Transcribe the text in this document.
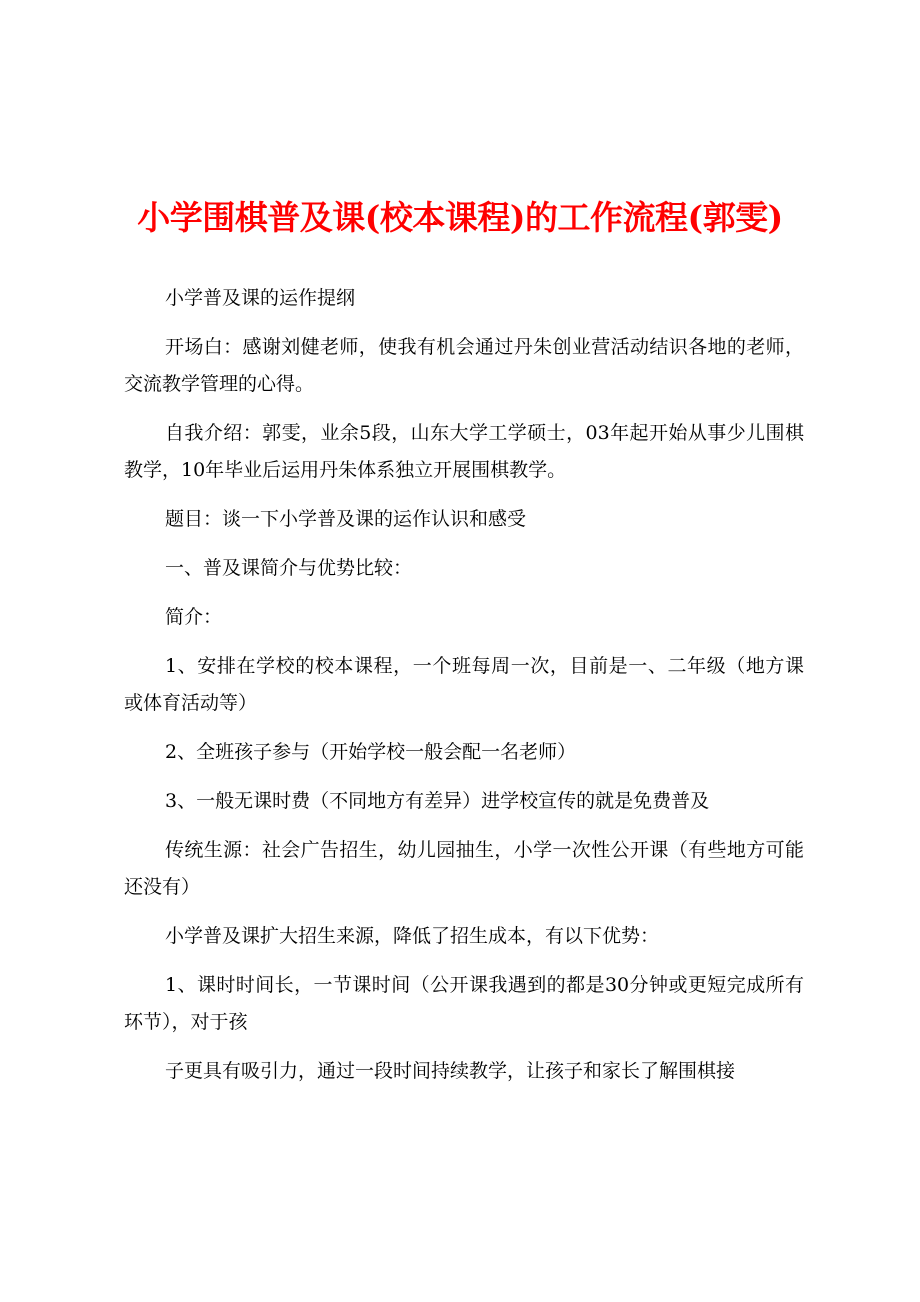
小学围棋普及课(校本课程)的工作流程(郭雯)

小学普及课的运作提纲

开场白：感谢刘健老师，使我有机会通过丹朱创业营活动结识各地的老师，交流教学管理的心得。

自我介绍：郭雯，业余5段，山东大学工学硕士，03年起开始从事少儿围棋教学，10年毕业后运用丹朱体系独立开展围棋教学。

题目：谈一下小学普及课的运作认识和感受

一、普及课简介与优势比较：

简介：

1、安排在学校的校本课程，一个班每周一次，目前是一、二年级（地方课或体育活动等）

2、全班孩子参与（开始学校一般会配一名老师）

3、一般无课时费（不同地方有差异）进学校宣传的就是免费普及

传统生源：社会广告招生，幼儿园抽生，小学一次性公开课（有些地方可能还没有）

小学普及课扩大招生来源，降低了招生成本，有以下优势：

1、课时时间长，一节课时间（公开课我遇到的都是30分钟或更短完成所有环节），对于孩

子更具有吸引力，通过一段时间持续教学，让孩子和家长了解围棋接
